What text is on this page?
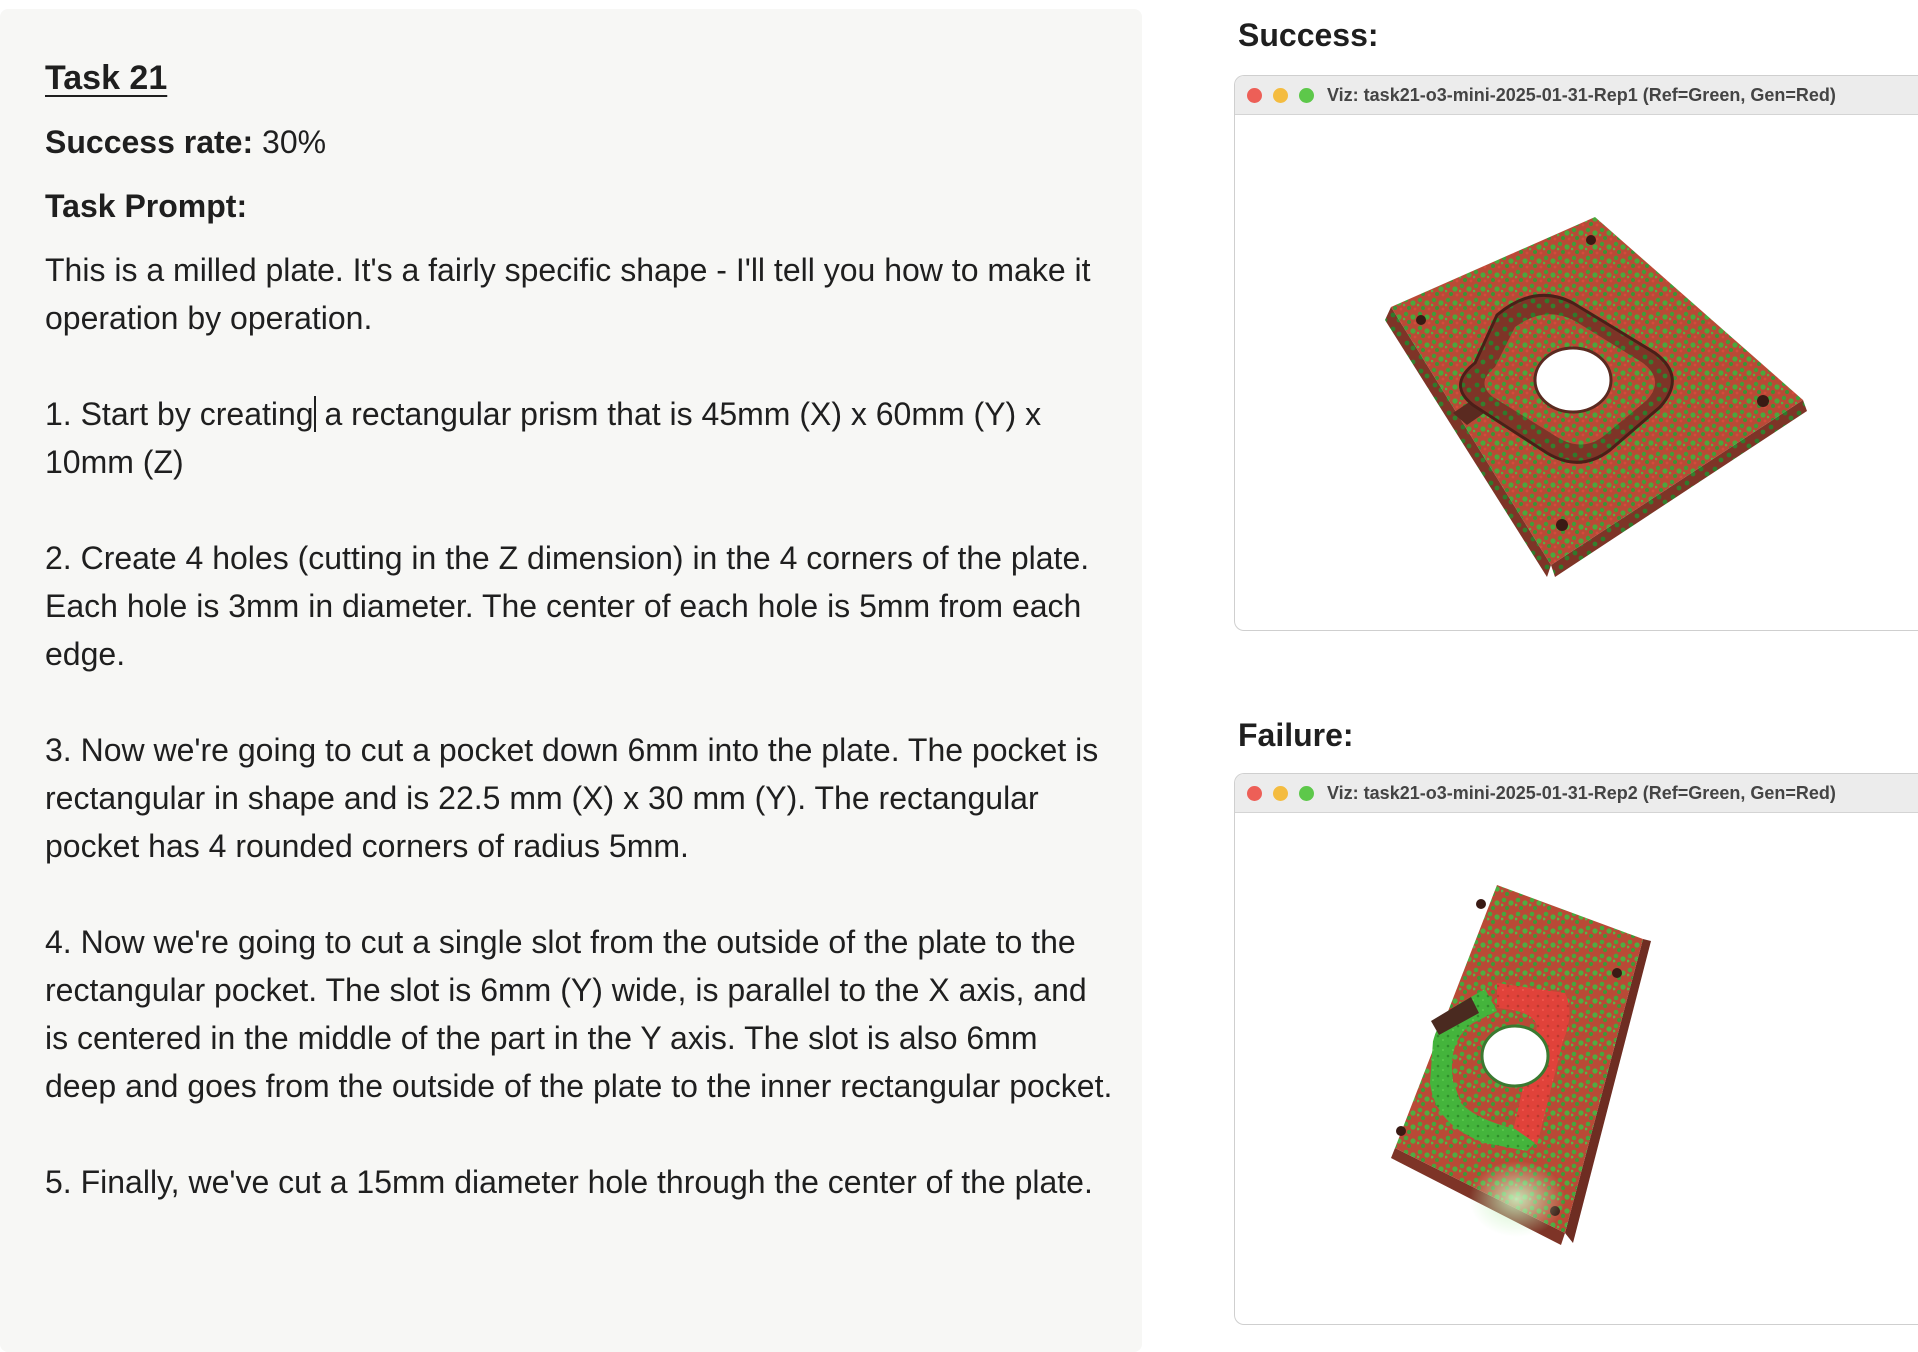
Task 21
Success rate: 30%
Task Prompt:

This is a milled plate. It's a fairly specific shape - I'll tell you how to make it operation by operation.

1. Start by creating a rectangular prism that is 45mm (X) x 60mm (Y) x 10mm (Z)

2. Create 4 holes (cutting in the Z dimension) in the 4 corners of the plate. Each hole is 3mm in diameter. The center of each hole is 5mm from each edge.

3. Now we're going to cut a pocket down 6mm into the plate. The pocket is rectangular in shape and is 22.5 mm (X) x 30 mm (Y). The rectangular pocket has 4 rounded corners of radius 5mm.

4. Now we're going to cut a single slot from the outside of the plate to the rectangular pocket. The slot is 6mm (Y) wide, is parallel to the X axis, and is centered in the middle of the part in the Y axis. The slot is also 6mm deep and goes from the outside of the plate to the inner rectangular pocket.

5. Finally, we've cut a 15mm diameter hole through the center of the plate.

Success:
Viz: task21-o3-mini-2025-01-31-Rep1 (Ref=Green, Gen=Red)
Failure:
Viz: task21-o3-mini-2025-01-31-Rep2 (Ref=Green, Gen=Red)
